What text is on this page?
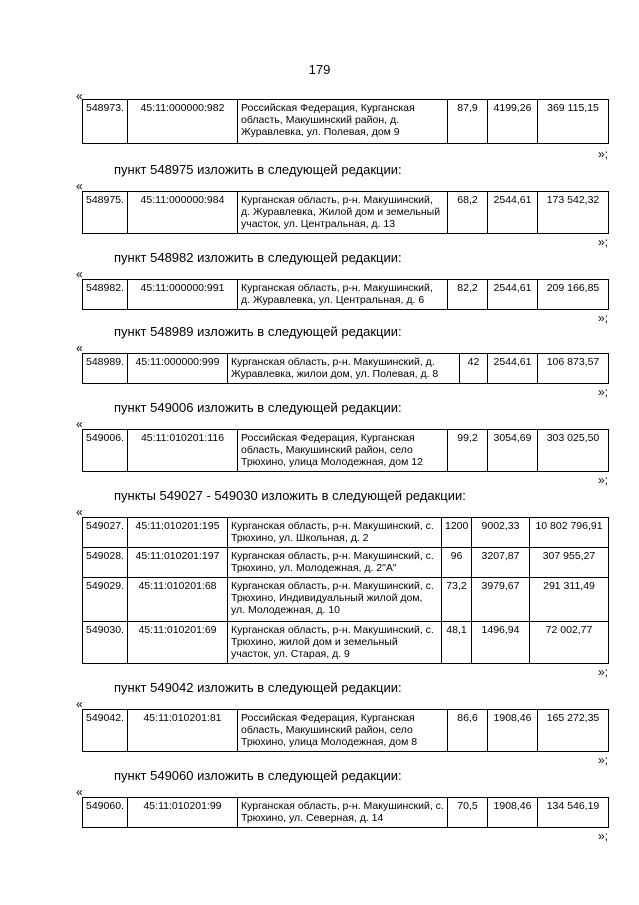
179
«
548973.	45:11:000000:982	Российская Федерация, Курганская область, Макушинский район, д. Журавлевка, ул. Полевая, дом 9	87,9	4199,26	369 115,15
»;
пункт 548975 изложить в следующей редакции:
«
548975.	45:11:000000:984	Курганская область, р-н. Макушинский, д. Журавлевка, Жилой дом и земельный участок, ул. Центральная, д. 13	68,2	2544,61	173 542,32
»;
пункт 548982 изложить в следующей редакции:
«
548982.	45:11:000000:991	Курганская область, р-н. Макушинский, д. Журавлевка, ул. Центральная, д. 6	82,2	2544,61	209 166,85
»;
пункт 548989 изложить в следующей редакции:
«
548989.	45:11:000000:999	Курганская область, р-н. Макушинский, д. Журавлевка, жилои дом, ул. Полевая, д. 8	42	2544,61	106 873,57
»;
пункт 549006 изложить в следующей редакции:
«
549006.	45:11:010201:116	Российская Федерация, Курганская область, Макушинский район, село Трюхино, улица Молодежная, дом 12	99,2	3054,69	303 025,50
»;
пункты 549027 - 549030 изложить в следующей редакции:
«
549027.	45:11:010201:195	Курганская область, р-н. Макушинский, с. Трюхино, ул. Школьная, д. 2	1200	9002,33	10 802 796,91
549028.	45:11:010201:197	Курганская область, р-н. Макушинский, с. Трюхино, ул. Молодежная, д. 2"А"	96	3207,87	307 955,27
549029.	45:11:010201:68	Курганская область, р-н. Макушинский, с. Трюхино, Индивидуальный жилой дом, ул. Молодежная, д. 10	73,2	3979,67	291 311,49
549030.	45:11:010201:69	Курганская область, р-н. Макушинский, с. Трюхино, жилой дом и земельный участок, ул. Старая, д. 9	48,1	1496,94	72 002,77
»;
пункт 549042 изложить в следующей редакции:
«
549042.	45:11:010201:81	Российская Федерация, Курганская область, Макушинский район, село Трюхино, улица Молодежная, дом 8	86,6	1908,46	165 272,35
»;
пункт 549060 изложить в следующей редакции:
«
549060.	45:11:010201:99	Курганская область, р-н. Макушинский, с. Трюхино, ул. Северная, д. 14	70,5	1908,46	134 546,19
»;
